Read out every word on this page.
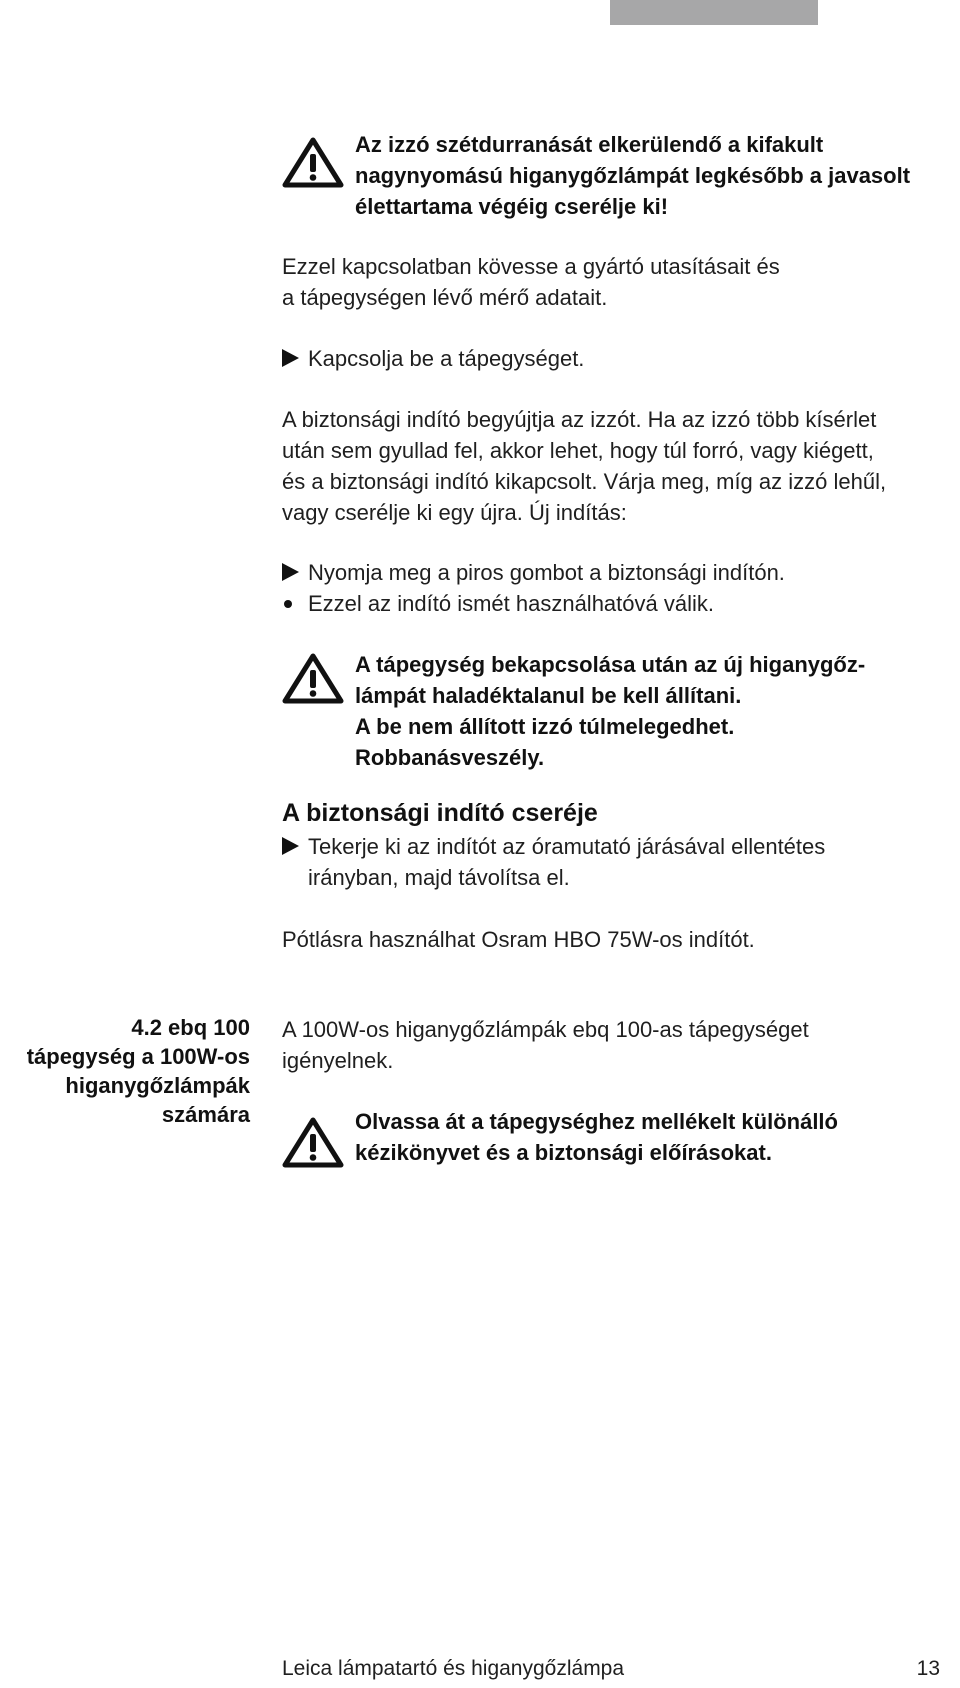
Az izzó szétdurranását elkerülendő a kifakult
nagynyomású higanygőzlámpát legkésőbb a javasolt
élettartama végéig cserélje ki!
Ezzel kapcsolatban kövesse a gyártó utasításait és
a tápegységen lévő mérő adatait.
Kapcsolja be a tápegységet.
A biztonsági indító begyújtja az izzót. Ha az izzó több kísérlet
után sem gyullad fel, akkor lehet, hogy túl forró, vagy kiégett,
és a biztonsági indító kikapcsolt. Várja meg, míg az izzó lehűl,
vagy cserélje ki egy újra. Új indítás:
Nyomja meg a piros gombot a biztonsági indítón.
Ezzel az indító ismét használhatóvá válik.
A tápegység bekapcsolása után az új higanygőz-
lámpát haladéktalanul be kell állítani.
A be nem állított izzó túlmelegedhet.
Robbanásveszély.
A biztonsági indító cseréje
Tekerje ki az indítót az óramutató járásával ellentétes
irányban, majd távolítsa el.
Pótlásra használhat Osram HBO 75W-os indítót.
4.2 ebq 100
tápegység a 100W-os
higanygőzlámpák
számára
A 100W-os higanygőzlámpák ebq 100-as tápegységet
igényelnek.
Olvassa át a tápegységhez mellékelt különálló
kézikönyvet és a biztonsági előírásokat.
Leica lámpatartó és higanygőzlámpa	13
